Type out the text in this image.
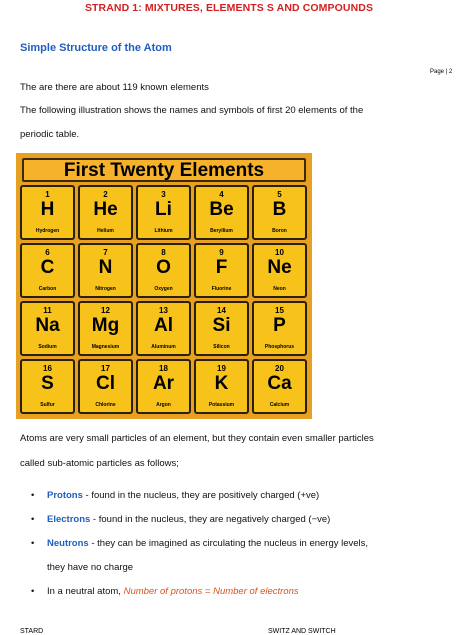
STRAND 1: MIXTURES, ELEMENTS S AND COMPOUNDS
Simple Structure of the Atom
Page | 2
The are there are about 119 known elements
The following illustration shows the names and symbols of first 20 elements of the
periodic table.
First Twenty Elements
1
H
Hydrogen
2
He
Helium
3
Li
Lithium
4
Be
Beryllium
5
B
Boron
6
C
Carbon
7
N
Nitrogen
8
O
Oxygen
9
F
Fluorine
10
Ne
Neon
11
Na
Sodium
12
Mg
Magnesium
13
Al
Aluminum
14
Si
Silicon
15
P
Phosphorus
16
S
Sulfur
17
Cl
Chlorine
18
Ar
Argon
19
K
Potassium
20
Ca
Calcium
Atoms are very small particles of an element, but they contain even smaller particles
called sub-atomic particles as follows;
• Protons - found in the nucleus, they are positively charged (+ve)
• Electrons - found in the nucleus, they are negatively charged (−ve)
• Neutrons - they can be imagined as circulating the nucleus in energy levels,
they have no charge
• In a neutral atom, Number of protons = Number of electrons
STARD	SWITZ AND SWITCH
